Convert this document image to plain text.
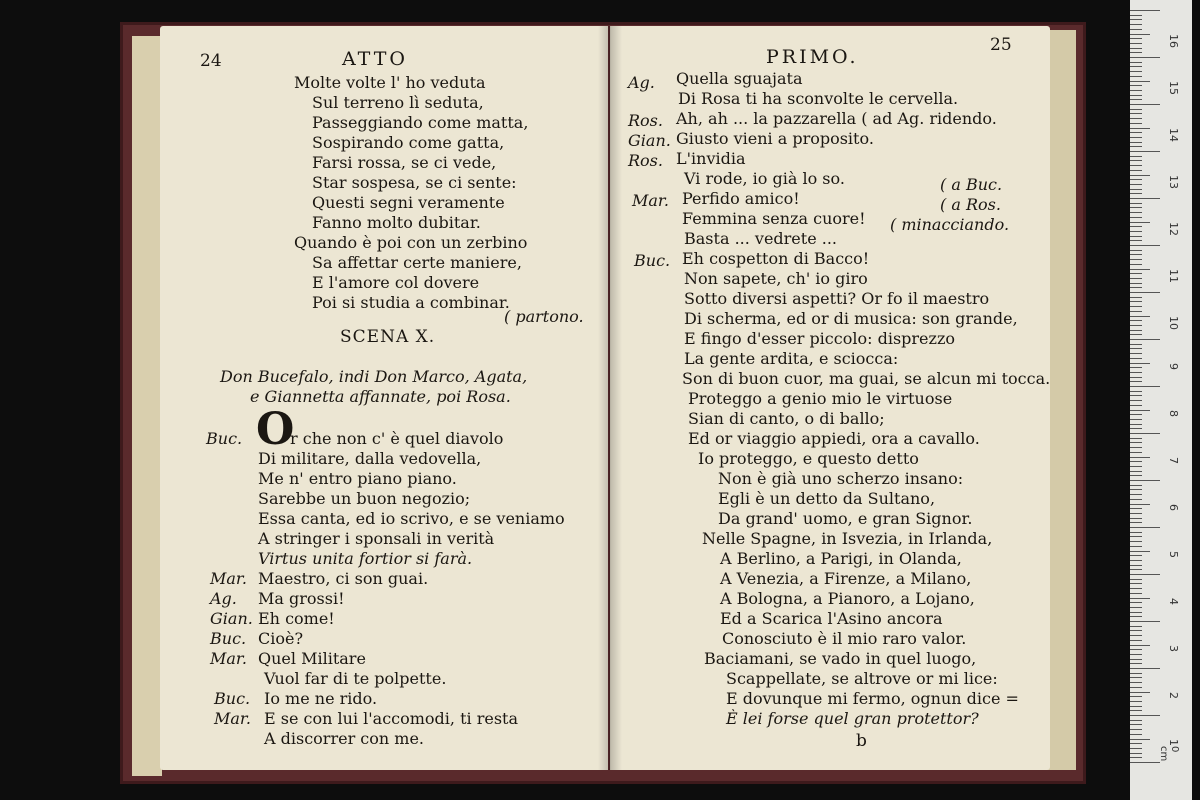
24	ATTO
Molte volte l' ho veduta
Sul terreno lì seduta,
Passeggiando come matta,
Sospirando come gatta,
Farsi rossa, se ci vede,
Star sospesa, se ci sente:
Questi segni veramente
Fanno molto dubitar.
Quando è poi con un zerbino
Sa affettar certe maniere,
E l'amore col dovere
Poi si studia a combinar.
( partono.
SCENA X.
Don Bucefalo, indi Don Marco, Agata,
e Giannetta affannate, poi Rosa.
O
Buc.	r che non c' è quel diavolo
Di militare, dalla vedovella,
Me n' entro piano piano.
Sarebbe un buon negozio;
Essa canta, ed io scrivo, e se veniamo
A stringer i sponsali in verità
Virtus unita fortior si farà.
Mar. Maestro, ci son guai.
Ag. Ma grossi!
Gian. Eh come!
Buc. Cioè?
Mar. Quel Militare
Vuol far di te polpette.
Buc. Io me ne rido.
Mar. E se con lui l'accomodi, ti resta
A discorrer con me.
PRIMO.
25
Ag. Quella sguajata
Di Rosa ti ha sconvolte le cervella.
Ros. Ah, ah ... la pazzarella ( ad Ag. ridendo.
Gian. Giusto vieni a proposito.
Ros. L'invidia
Vi rode, io già lo so.
Mar. Perfido amico!
( a Buc.
Femmina senza cuore!
( a Ros.
Basta ... vedrete ...
( minacciando.
Buc. Eh cospetton di Bacco!
Non sapete, ch' io giro
Sotto diversi aspetti? Or fo il maestro
Di scherma, ed or di musica: son grande,
E fingo d'esser piccolo: disprezzo
La gente ardita, e sciocca:
Son di buon cuor, ma guai, se alcun mi tocca.
Proteggo a genio mio le virtuose
Sian di canto, o di ballo;
Ed or viaggio appiedi, ora a cavallo.
Io proteggo, e questo detto
Non è già uno scherzo insano:
Egli è un detto da Sultano,
Da grand' uomo, e gran Signor.
Nelle Spagne, in Isvezia, in Irlanda,
A Berlino, a Parigi, in Olanda,
A Venezia, a Firenze, a Milano,
A Bologna, a Pianoro, a Lojano,
Ed a Scarica l'Asino ancora
Conosciuto è il mio raro valor.
Baciamani, se vado in quel luogo,
Scappellate, se altrove or mi lice:
E dovunque mi fermo, ognun dice =
È lei forse quel gran protettor?
b
16
15
14
13
12
11
10
9
8
7
6
5
4
3
2
1
0 cm
